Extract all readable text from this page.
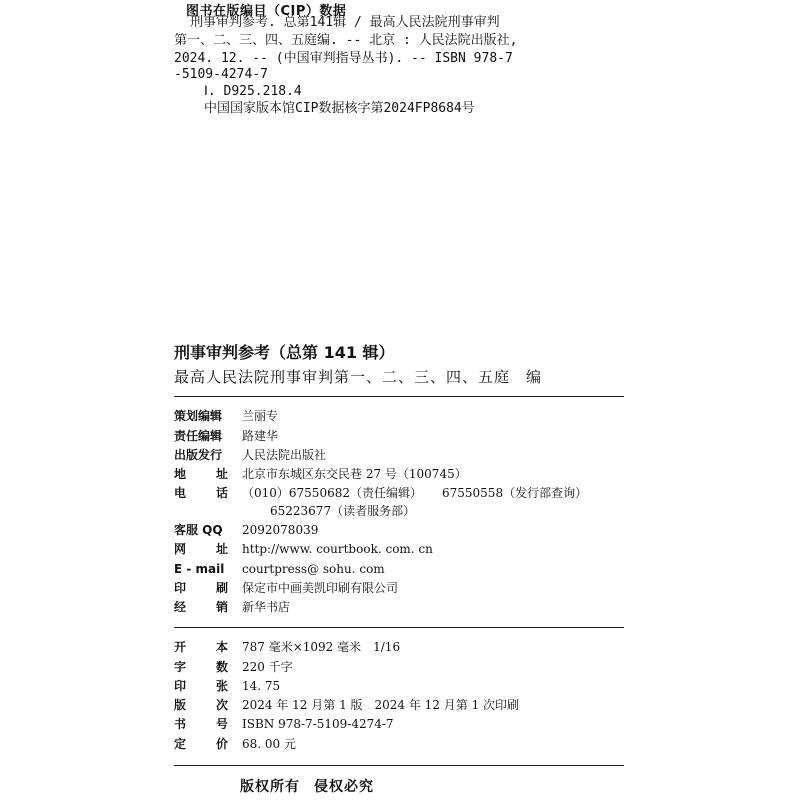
图书在版编目（CIP）数据
刑事审判参考. 总第141辑 / 最高人民法院刑事审判
第一、二、三、四、五庭编. -- 北京 : 人民法院出版社,
2024. 12. -- (中国审判指导丛书). -- ISBN 978-7
-5109-4274-7
Ⅰ. D925.218.4
中国国家版本馆CIP数据核字第2024FP8684号
刑事审判参考（总第 141 辑）
最高人民法院刑事审判第一、二、三、四、五庭　编
策划编辑	兰丽专
责任编辑	路建华
出版发行	人民法院出版社
地 址 北京市东城区东交民巷 27 号（100745）
电 话 （010）67550682（责任编辑） 67550558（发行部查询）
65223677（读者服务部）
客服 QQ	2092078039
网 址 http://www. courtbook. com. cn
E - mail	courtpress@ sohu. com
印 刷 保定市中画美凯印刷有限公司
经 销 新华书店
开 本 787 毫米×1092 毫米　1/16
字 数 220 千字
印 张 14. 75
版 次 2024 年 12 月第 1 版　2024 年 12 月第 1 次印刷
书 号 ISBN 978-7-5109-4274-7
定 价 68. 00 元
版权所有 侵权必究
